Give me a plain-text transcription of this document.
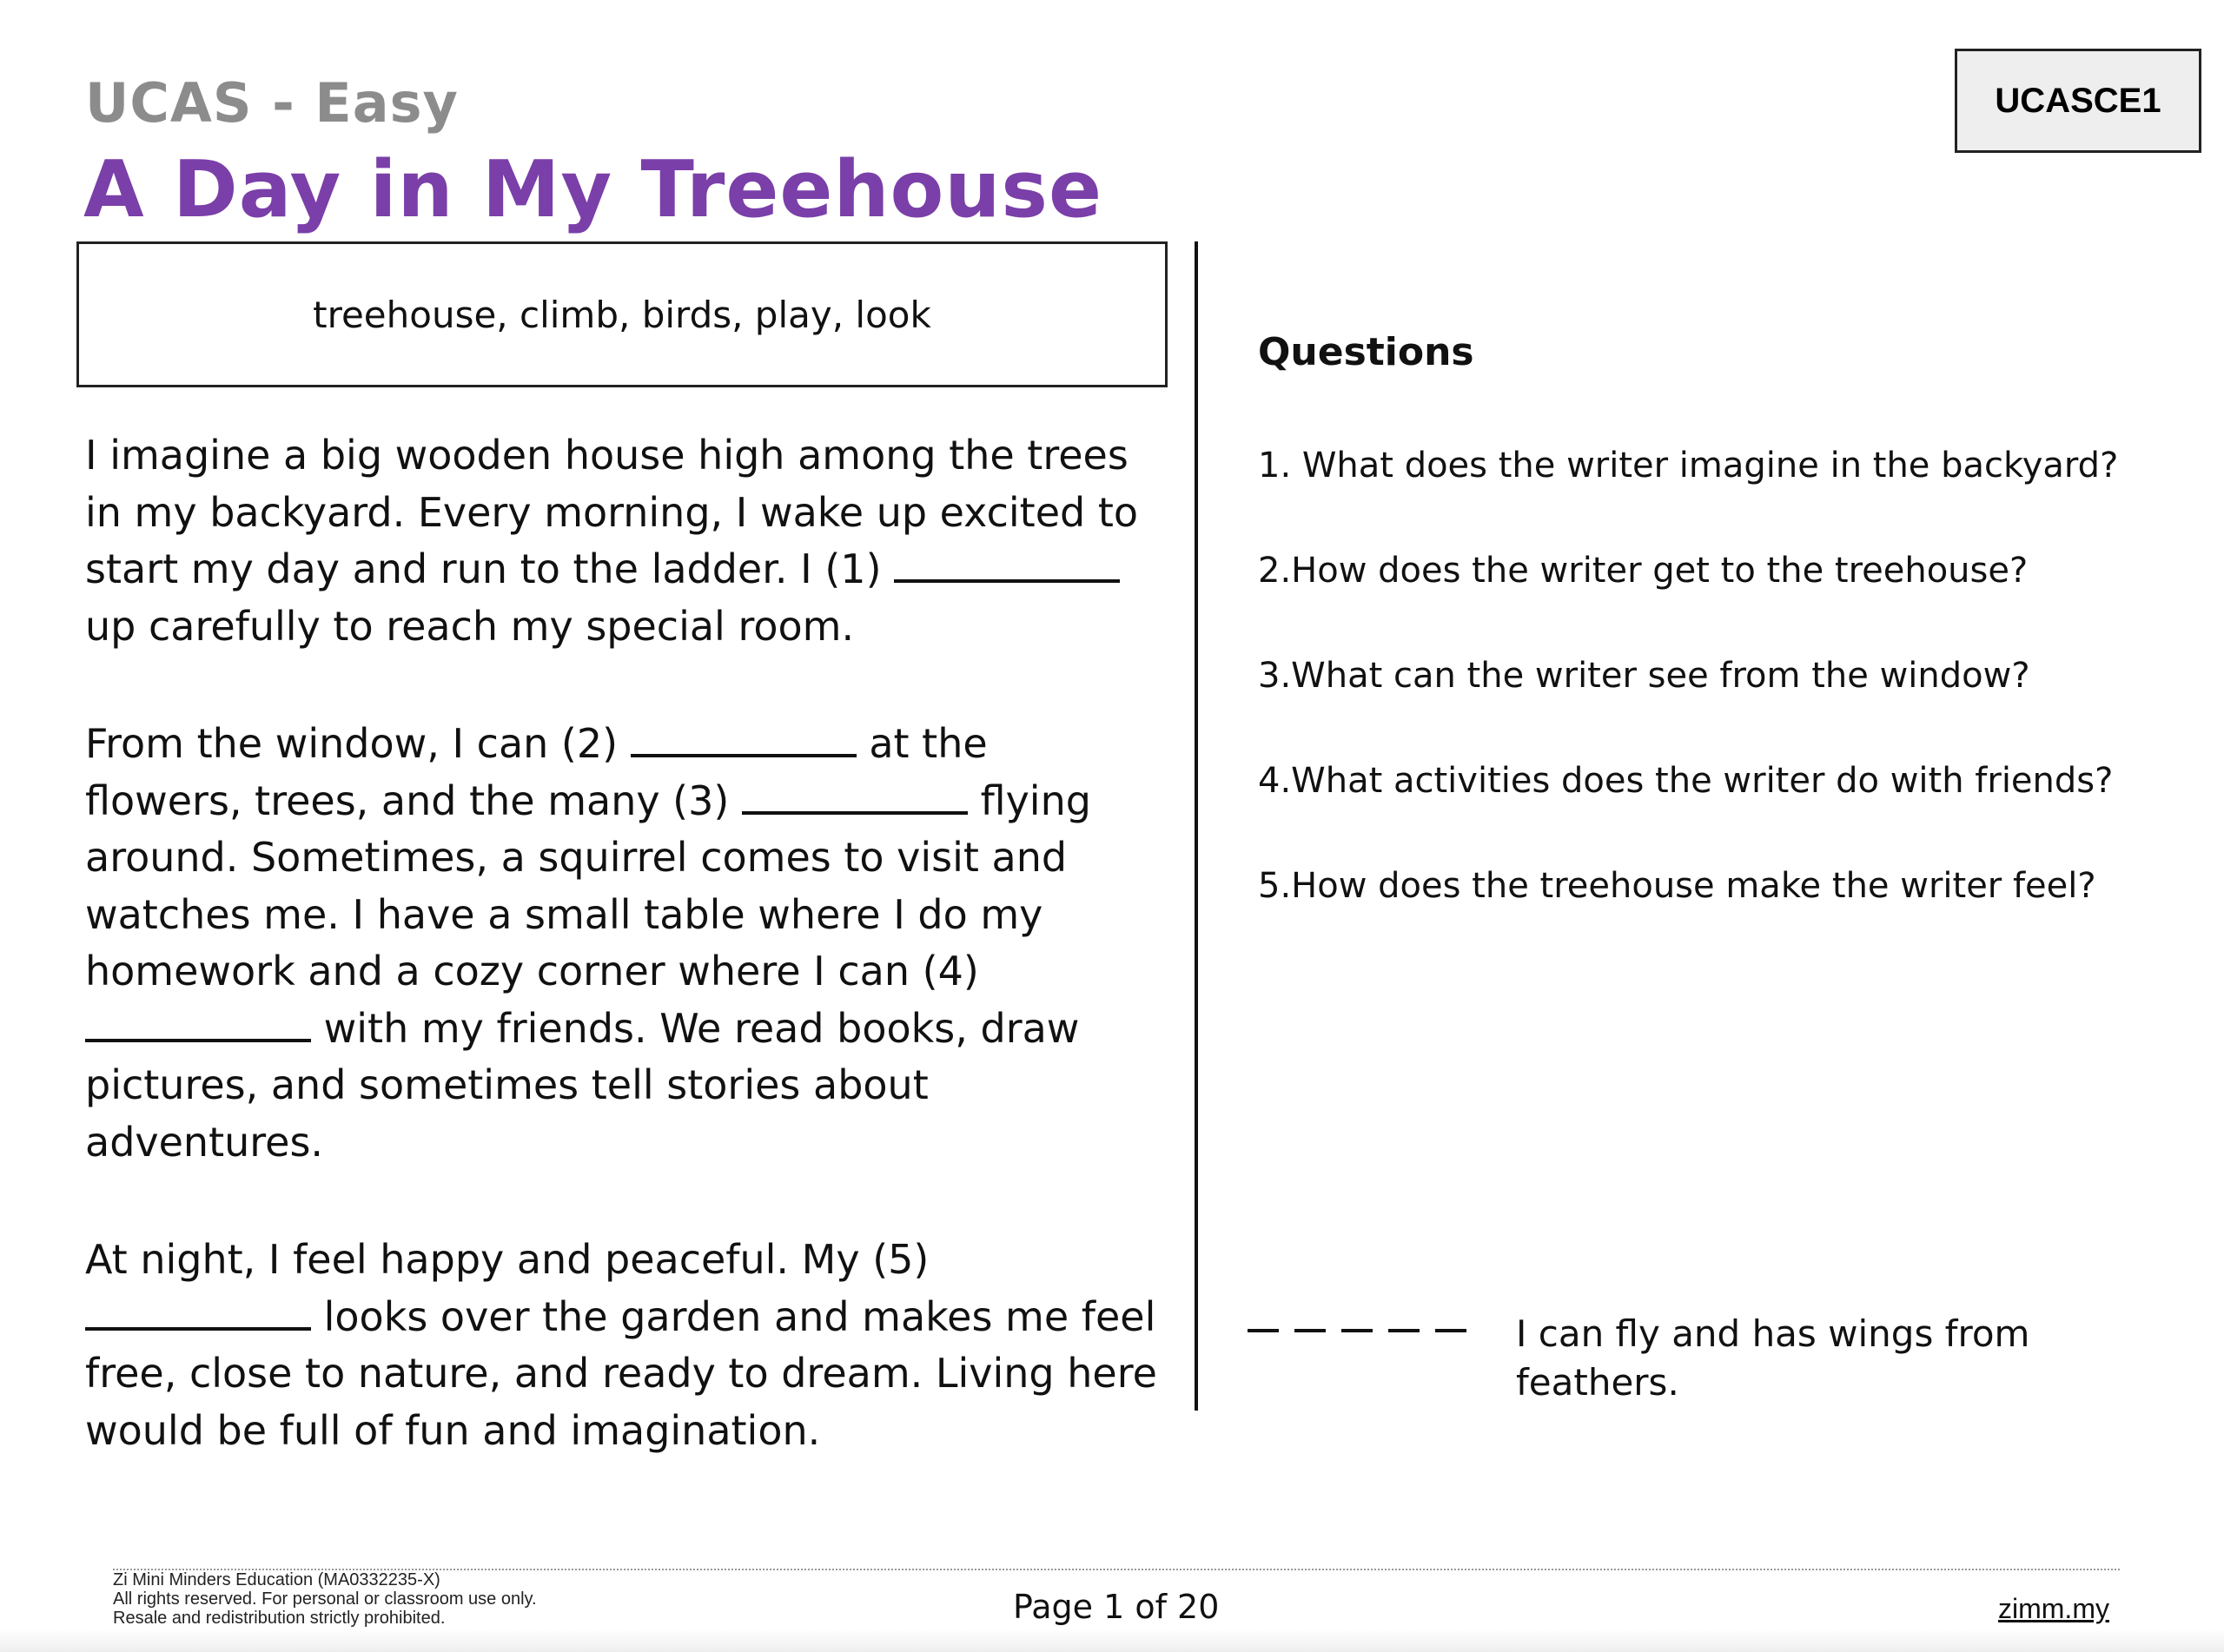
UCAS - Easy
A Day in My Treehouse
UCASCE1
treehouse, climb, birds, play, look
I imagine a big wooden house high among the trees
in my backyard. Every morning, I wake up excited to
start my day and run to the ladder. I (1)
up carefully to reach my special room.
From the window, I can (2)	at the
flowers, trees, and the many (3)	flying
around. Sometimes, a squirrel comes to visit and
watches me. I have a small table where I do my
homework and a cozy corner where I can (4)
with my friends. We read books, draw
pictures, and sometimes tell stories about
adventures.
At night, I feel happy and peaceful. My (5)
looks over the garden and makes me feel
free, close to nature, and ready to dream. Living here
would be full of fun and imagination.
Questions
1. What does the writer imagine in the backyard?
2.How does the writer get to the treehouse?
3.What can the writer see from the window?
4.What activities does the writer do with friends?
5.How does the treehouse make the writer feel?
I can fly and has wings from feathers.
Zi Mini Minders Education (MA0332235-X)
All rights reserved. For personal or classroom use only.
Resale and redistribution strictly prohibited.	Page 1 of 20	zimm.my
